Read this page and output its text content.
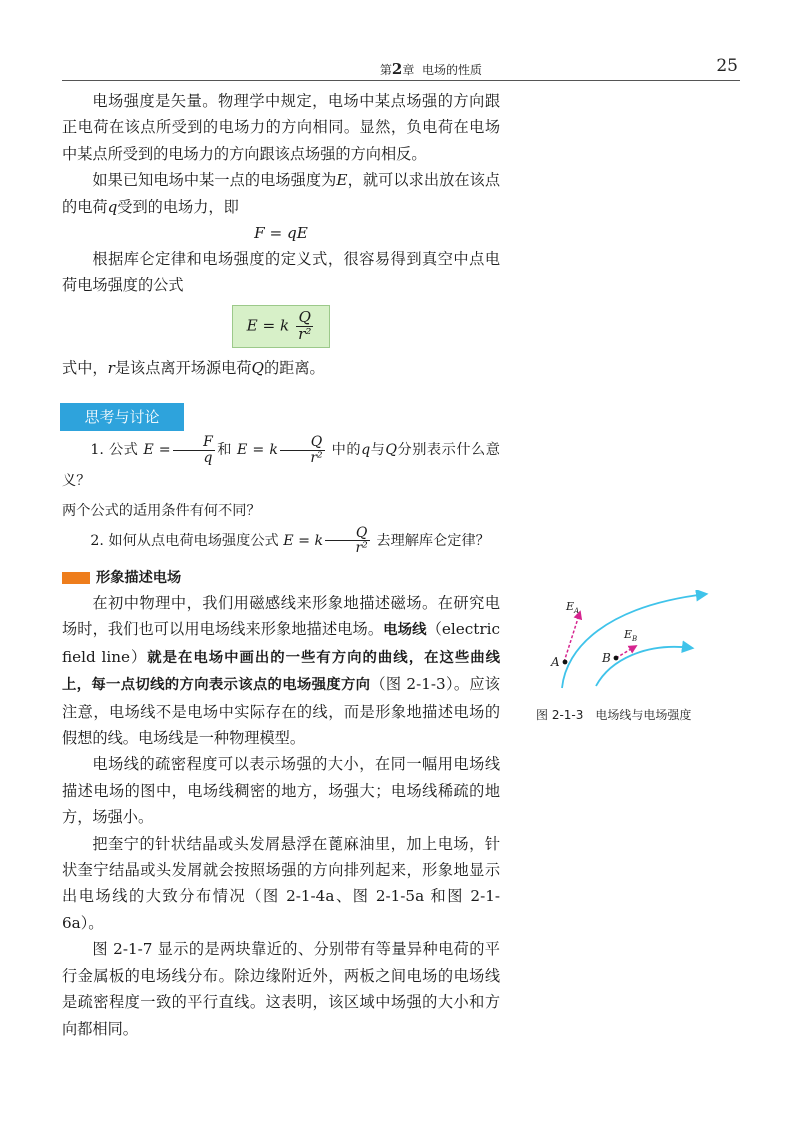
第2章 电场的性质	25

电场强度是矢量。物理学中规定，电场中某点场强的方向跟正电荷在该点所受到的电场力的方向相同。显然，负电荷在电场中某点所受到的电场力的方向跟该点场强的方向相反。

如果已知电场中某一点的电场强度为E，就可以求出放在该点的电荷q受到的电场力，即

F = qE

根据库仑定律和电场强度的定义式，很容易得到真空中点电荷电场强度的公式

E = k $\frac{Q}{\text{r²}}$

式中，r是该点离开场源电荷Q的距离。

思考与讨论

1. 公式 $E = \frac{F}{q}$ 和 E = k $\frac{Q}{\text{r²}}$ 中的q与Q分别表示什么意义？

两个公式的适用条件有何不同？

2. 如何从点电荷电场强度公式 E = k $\frac{Q}{\text{r²}}$ 去理解库仑定律？

形象描述电场

在初中物理中，我们用磁感线来形象地描述磁场。在研究电场时，我们也可以用电场线来形象地描述电场。电场线（electric field line）就是在电场中画出的一些有方向的曲线，在这些曲线上，每一点切线的方向表示该点的电场强度方向（图 2-1-3）。应该注意，电场线不是电场中实际存在的线，而是形象地描述电场的假想的线。电场线是一种物理模型。

电场线的疏密程度可以表示场强的大小，在同一幅用电场线描述电场的图中，电场线稠密的地方，场强大；电场线稀疏的地方，场强小。

把奎宁的针状结晶或头发屑悬浮在蓖麻油里，加上电场，针状奎宁结晶或头发屑就会按照场强的方向排列起来，形象地显示出电场线的大致分布情况（图 2-1-4a、图 2-1-5a 和图 2-1-6a）。

图 2-1-7 显示的是两块靠近的、分别带有等量异种电荷的平行金属板的电场线分布。除边缘附近外，两板之间电场的电场线是疏密程度一致的平行直线。这表明，该区域中场强的大小和方向都相同。

$E_A$
$E_B$
A	B
图 2-1-3　电场线与电场强度
